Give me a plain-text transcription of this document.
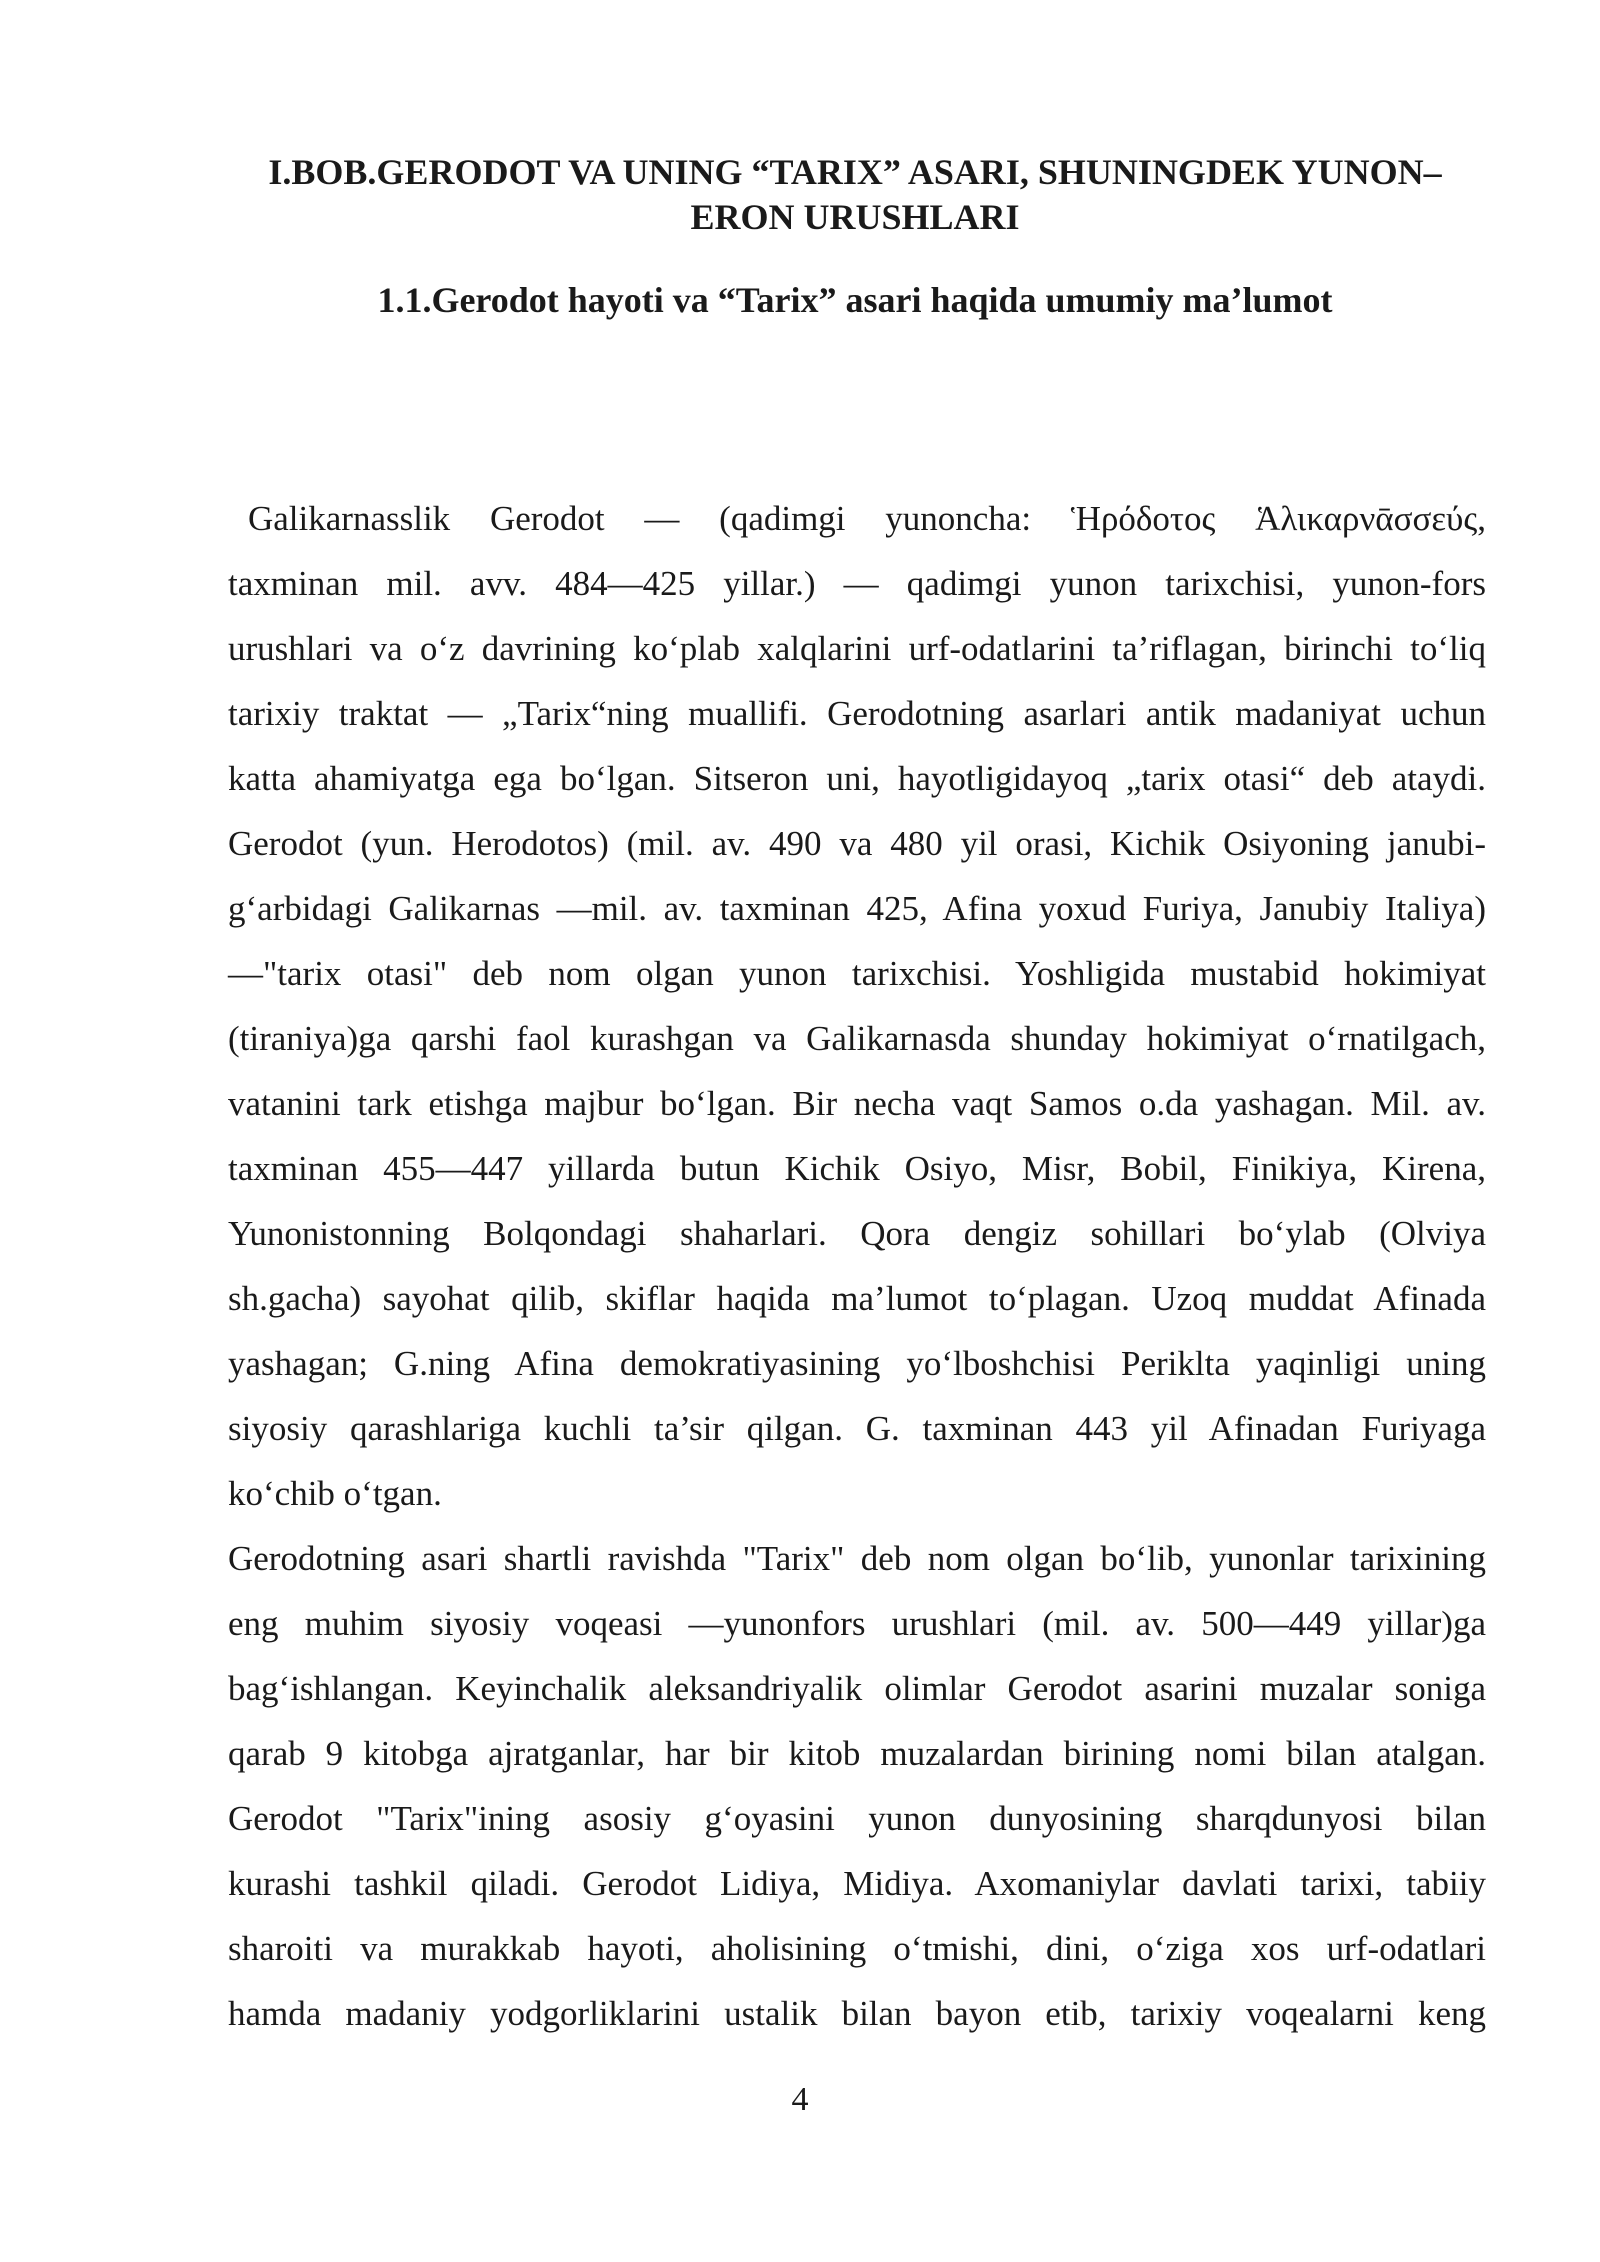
I.BOB.GERODOT VA UNING “TARIX” ASARI, SHUNINGDEK YUNON–
ERON URUSHLARI
1.1.Gerodot hayoti va “Tarix” asari haqida umumiy ma’lumot
Galikarnasslik Gerodot — (qadimgi yunoncha: Ἡρόδοτος Ἁλικαρνᾱσσεύς,
taxminan mil. avv. 484—425 yillar.) — qadimgi yunon tarixchisi, yunon-fors
urushlari va oʻz davrining koʻplab xalqlarini urf-odatlarini ta’riflagan, birinchi toʻliq
tarixiy traktat — „Tarix“ning muallifi. Gerodotning asarlari antik madaniyat uchun
katta ahamiyatga ega boʻlgan. Sitseron uni, hayotligidayoq „tarix otasi“ deb ataydi.
Gerodot (yun. Herodotos) (mil. av. 490 va 480 yil orasi, Kichik Osiyoning janubi-
gʻarbidagi Galikarnas —mil. av. taxminan 425, Afina yoxud Furiya, Janubiy Italiya)
—"tarix otasi" deb nom olgan yunon tarixchisi. Yoshligida mustabid hokimiyat
(tiraniya)ga qarshi faol kurashgan va Galikarnasda shunday hokimiyat oʻrnatilgach,
vatanini tark etishga majbur boʻlgan. Bir necha vaqt Samos o.da yashagan. Mil. av.
taxminan 455—447 yillarda butun Kichik Osiyo, Misr, Bobil, Finikiya, Kirena,
Yunonistonning Bolqondagi shaharlari. Qora dengiz sohillari boʻylab (Olviya
sh.gacha) sayohat qilib, skiflar haqida ma’lumot toʻplagan. Uzoq muddat Afinada
yashagan; G.ning Afina demokratiyasining yoʻlboshchisi Periklta yaqinligi uning
siyosiy qarashlariga kuchli ta’sir qilgan. G. taxminan 443 yil Afinadan Furiyaga
koʻchib oʻtgan.
Gerodotning asari shartli ravishda "Tarix" deb nom olgan boʻlib, yunonlar tarixining
eng muhim siyosiy voqeasi —yunonfors urushlari (mil. av. 500—449 yillar)ga
bagʻishlangan. Keyinchalik aleksandriyalik olimlar Gerodot asarini muzalar soniga
qarab 9 kitobga ajratganlar, har bir kitob muzalardan birining nomi bilan atalgan.
Gerodot "Tarix"ining asosiy gʻoyasini yunon dunyosining sharqdunyosi bilan
kurashi tashkil qiladi. Gerodot Lidiya, Midiya. Axomaniylar davlati tarixi, tabiiy
sharoiti va murakkab hayoti, aholisining oʻtmishi, dini, oʻziga xos urf-odatlari
hamda madaniy yodgorliklarini ustalik bilan bayon etib, tarixiy voqealarni keng
4
